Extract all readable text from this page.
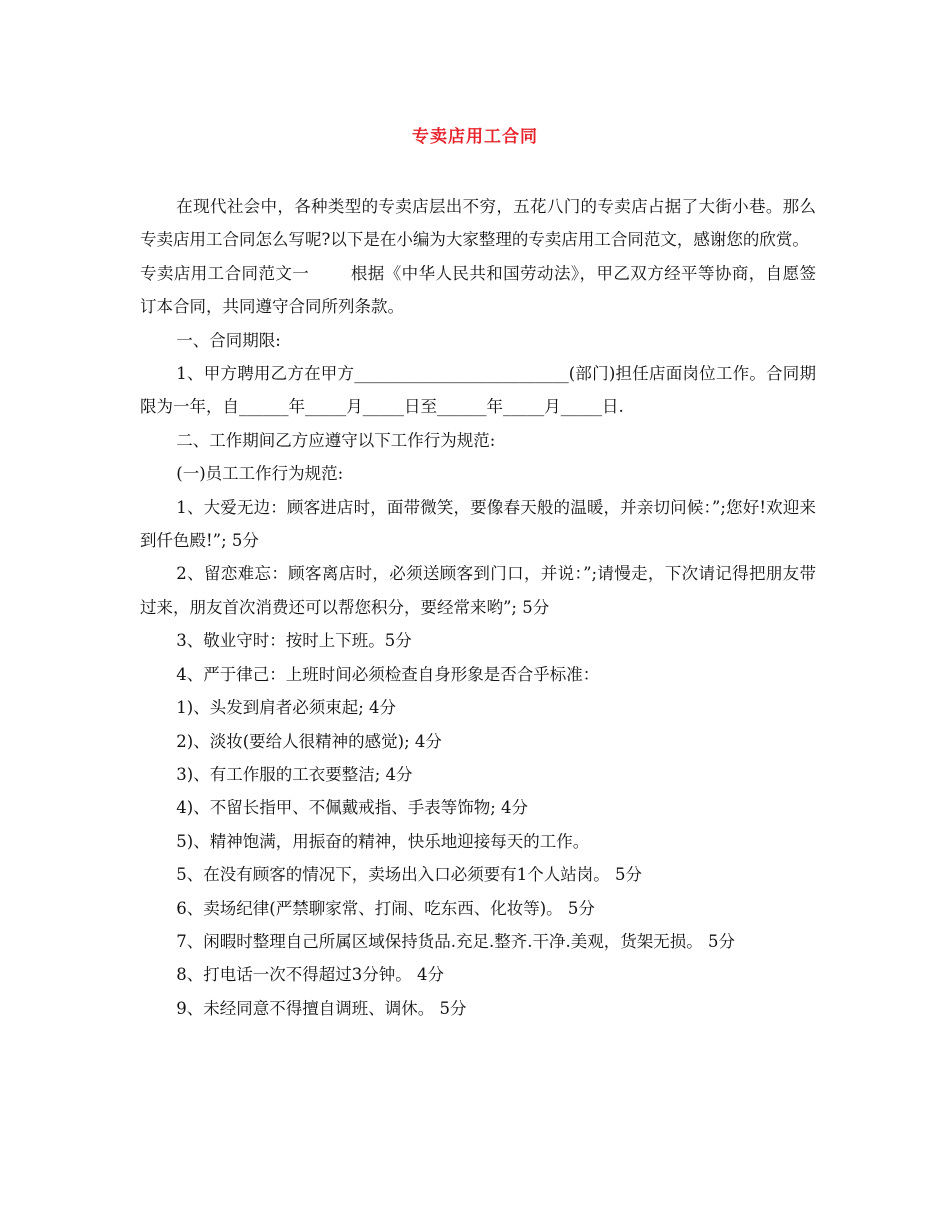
专卖店用工合同

在现代社会中，各种类型的专卖店层出不穷，五花八门的专卖店占据了大街小巷。那么专卖店用工合同怎么写呢?以下是在小编为大家整理的专卖店用工合同范文，感谢您的欣赏。

专卖店用工合同范文一	根据《中华人民共和国劳动法》，甲乙双方经平等协商，自愿签订本合同，共同遵守合同所列条款。

一、合同期限:

1、甲方聘用乙方在甲方__________________________(部门)担任店面岗位工作。合同期限为一年，自______年_____月_____日至______年_____月_____日.

二、工作期间乙方应遵守以下工作行为规范:

(一)员工工作行为规范:

1、大爱无边：顾客进店时，面带微笑，要像春天般的温暖，并亲切问候：”;您好!欢迎来到仟色殿!”; 5分

2、留恋难忘：顾客离店时，必须送顾客到门口，并说：”;请慢走，下次请记得把朋友带过来，朋友首次消费还可以帮您积分，要经常来哟”; 5分

3、敬业守时：按时上下班。5分

4、严于律己：上班时间必须检查自身形象是否合乎标准：

1)、头发到肩者必须束起; 4分

2)、淡妆(要给人很精神的感觉); 4分

3)、有工作服的工衣要整洁; 4分

4)、不留长指甲、不佩戴戒指、手表等饰物; 4分

5)、精神饱满，用振奋的精神，快乐地迎接每天的工作。

5、在没有顾客的情况下，卖场出入口必须要有1个人站岗。 5分

6、卖场纪律(严禁聊家常、打闹、吃东西、化妆等)。 5分

7、闲暇时整理自己所属区域保持货品.充足.整齐.干净.美观，货架无损。 5分

8、打电话一次不得超过3分钟。 4分

9、未经同意不得擅自调班、调休。 5分
